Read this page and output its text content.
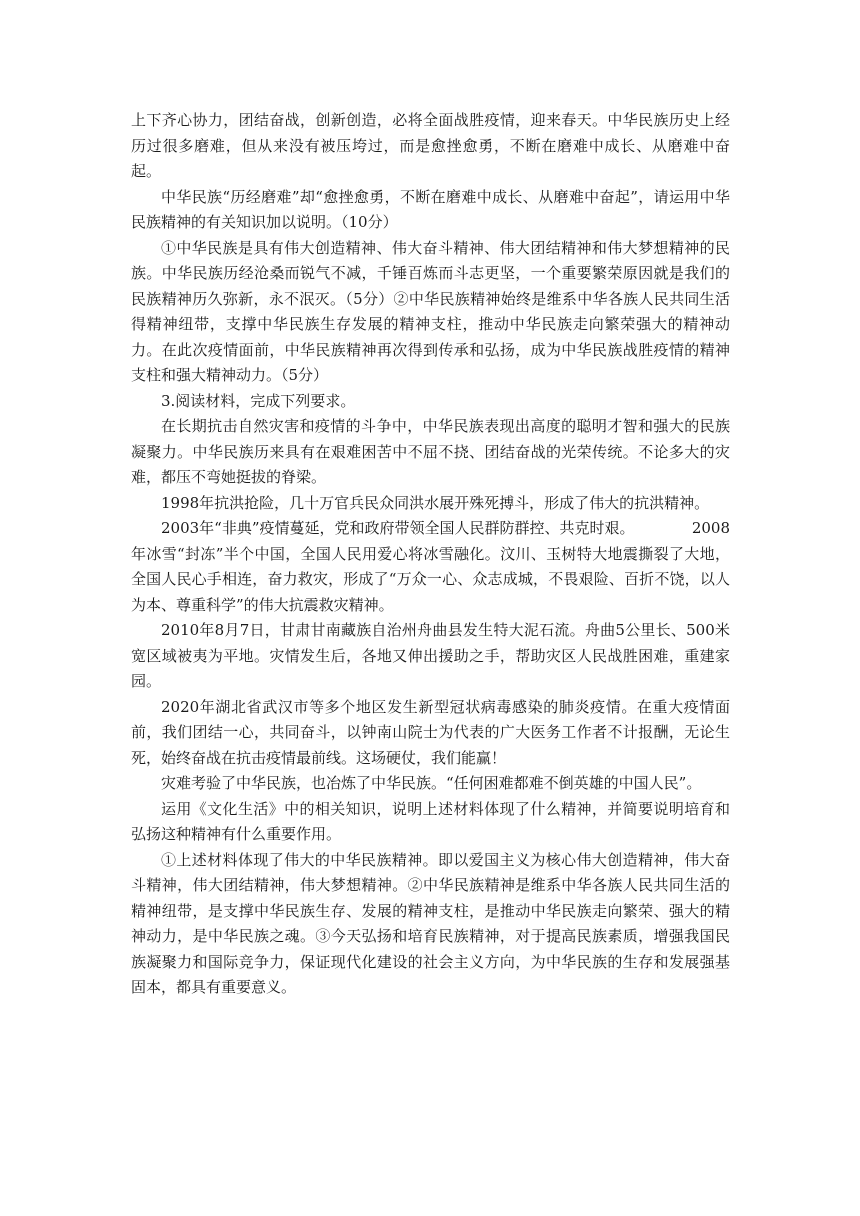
上下齐心协力，团结奋战，创新创造，必将全面战胜疫情，迎来春天。中华民族历史上经历过很多磨难，但从来没有被压垮过，而是愈挫愈勇，不断在磨难中成长、从磨难中奋起。

中华民族“历经磨难”却“愈挫愈勇，不断在磨难中成长、从磨难中奋起”，请运用中华民族精神的有关知识加以说明。（10分）

①中华民族是具有伟大创造精神、伟大奋斗精神、伟大团结精神和伟大梦想精神的民族。中华民族历经沧桑而锐气不减，千锤百炼而斗志更坚，一个重要繁荣原因就是我们的民族精神历久弥新，永不泯灭。（5分）②中华民族精神始终是维系中华各族人民共同生活得精神纽带，支撑中华民族生存发展的精神支柱，推动中华民族走向繁荣强大的精神动力。在此次疫情面前，中华民族精神再次得到传承和弘扬，成为中华民族战胜疫情的精神支柱和强大精神动力。（5分）

3.阅读材料，完成下列要求。

在长期抗击自然灾害和疫情的斗争中，中华民族表现出高度的聪明才智和强大的民族凝聚力。中华民族历来具有在艰难困苦中不屈不挠、团结奋战的光荣传统。不论多大的灾难，都压不弯她挺拔的脊梁。

1998年抗洪抢险，几十万官兵民众同洪水展开殊死搏斗，形成了伟大的抗洪精神。

2003年“非典”疫情蔓延，党和政府带领全国人民群防群控、共克时艰。	2008

年冰雪“封冻”半个中国，全国人民用爱心将冰雪融化。汶川、玉树特大地震撕裂了大地，全国人民心手相连，奋力救灾，形成了“万众一心、众志成城，不畏艰险、百折不饶，以人为本、尊重科学”的伟大抗震救灾精神。

2010年8月7日，甘肃甘南藏族自治州舟曲县发生特大泥石流。舟曲5公里长、500米宽区域被夷为平地。灾情发生后，各地又伸出援助之手，帮助灾区人民战胜困难，重建家园。

2020年湖北省武汉市等多个地区发生新型冠状病毒感染的肺炎疫情。在重大疫情面前，我们团结一心，共同奋斗，以钟南山院士为代表的广大医务工作者不计报酬，无论生死，始终奋战在抗击疫情最前线。这场硬仗，我们能赢！

灾难考验了中华民族，也冶炼了中华民族。“任何困难都难不倒英雄的中国人民”。

运用《文化生活》中的相关知识，说明上述材料体现了什么精神，并简要说明培育和弘扬这种精神有什么重要作用。

①上述材料体现了伟大的中华民族精神。即以爱国主义为核心伟大创造精神，伟大奋斗精神，伟大团结精神，伟大梦想精神。②中华民族精神是维系中华各族人民共同生活的精神纽带，是支撑中华民族生存、发展的精神支柱，是推动中华民族走向繁荣、强大的精神动力，是中华民族之魂。③今天弘扬和培育民族精神，对于提高民族素质，增强我国民族凝聚力和国际竞争力，保证现代化建设的社会主义方向，为中华民族的生存和发展强基固本，都具有重要意义。
